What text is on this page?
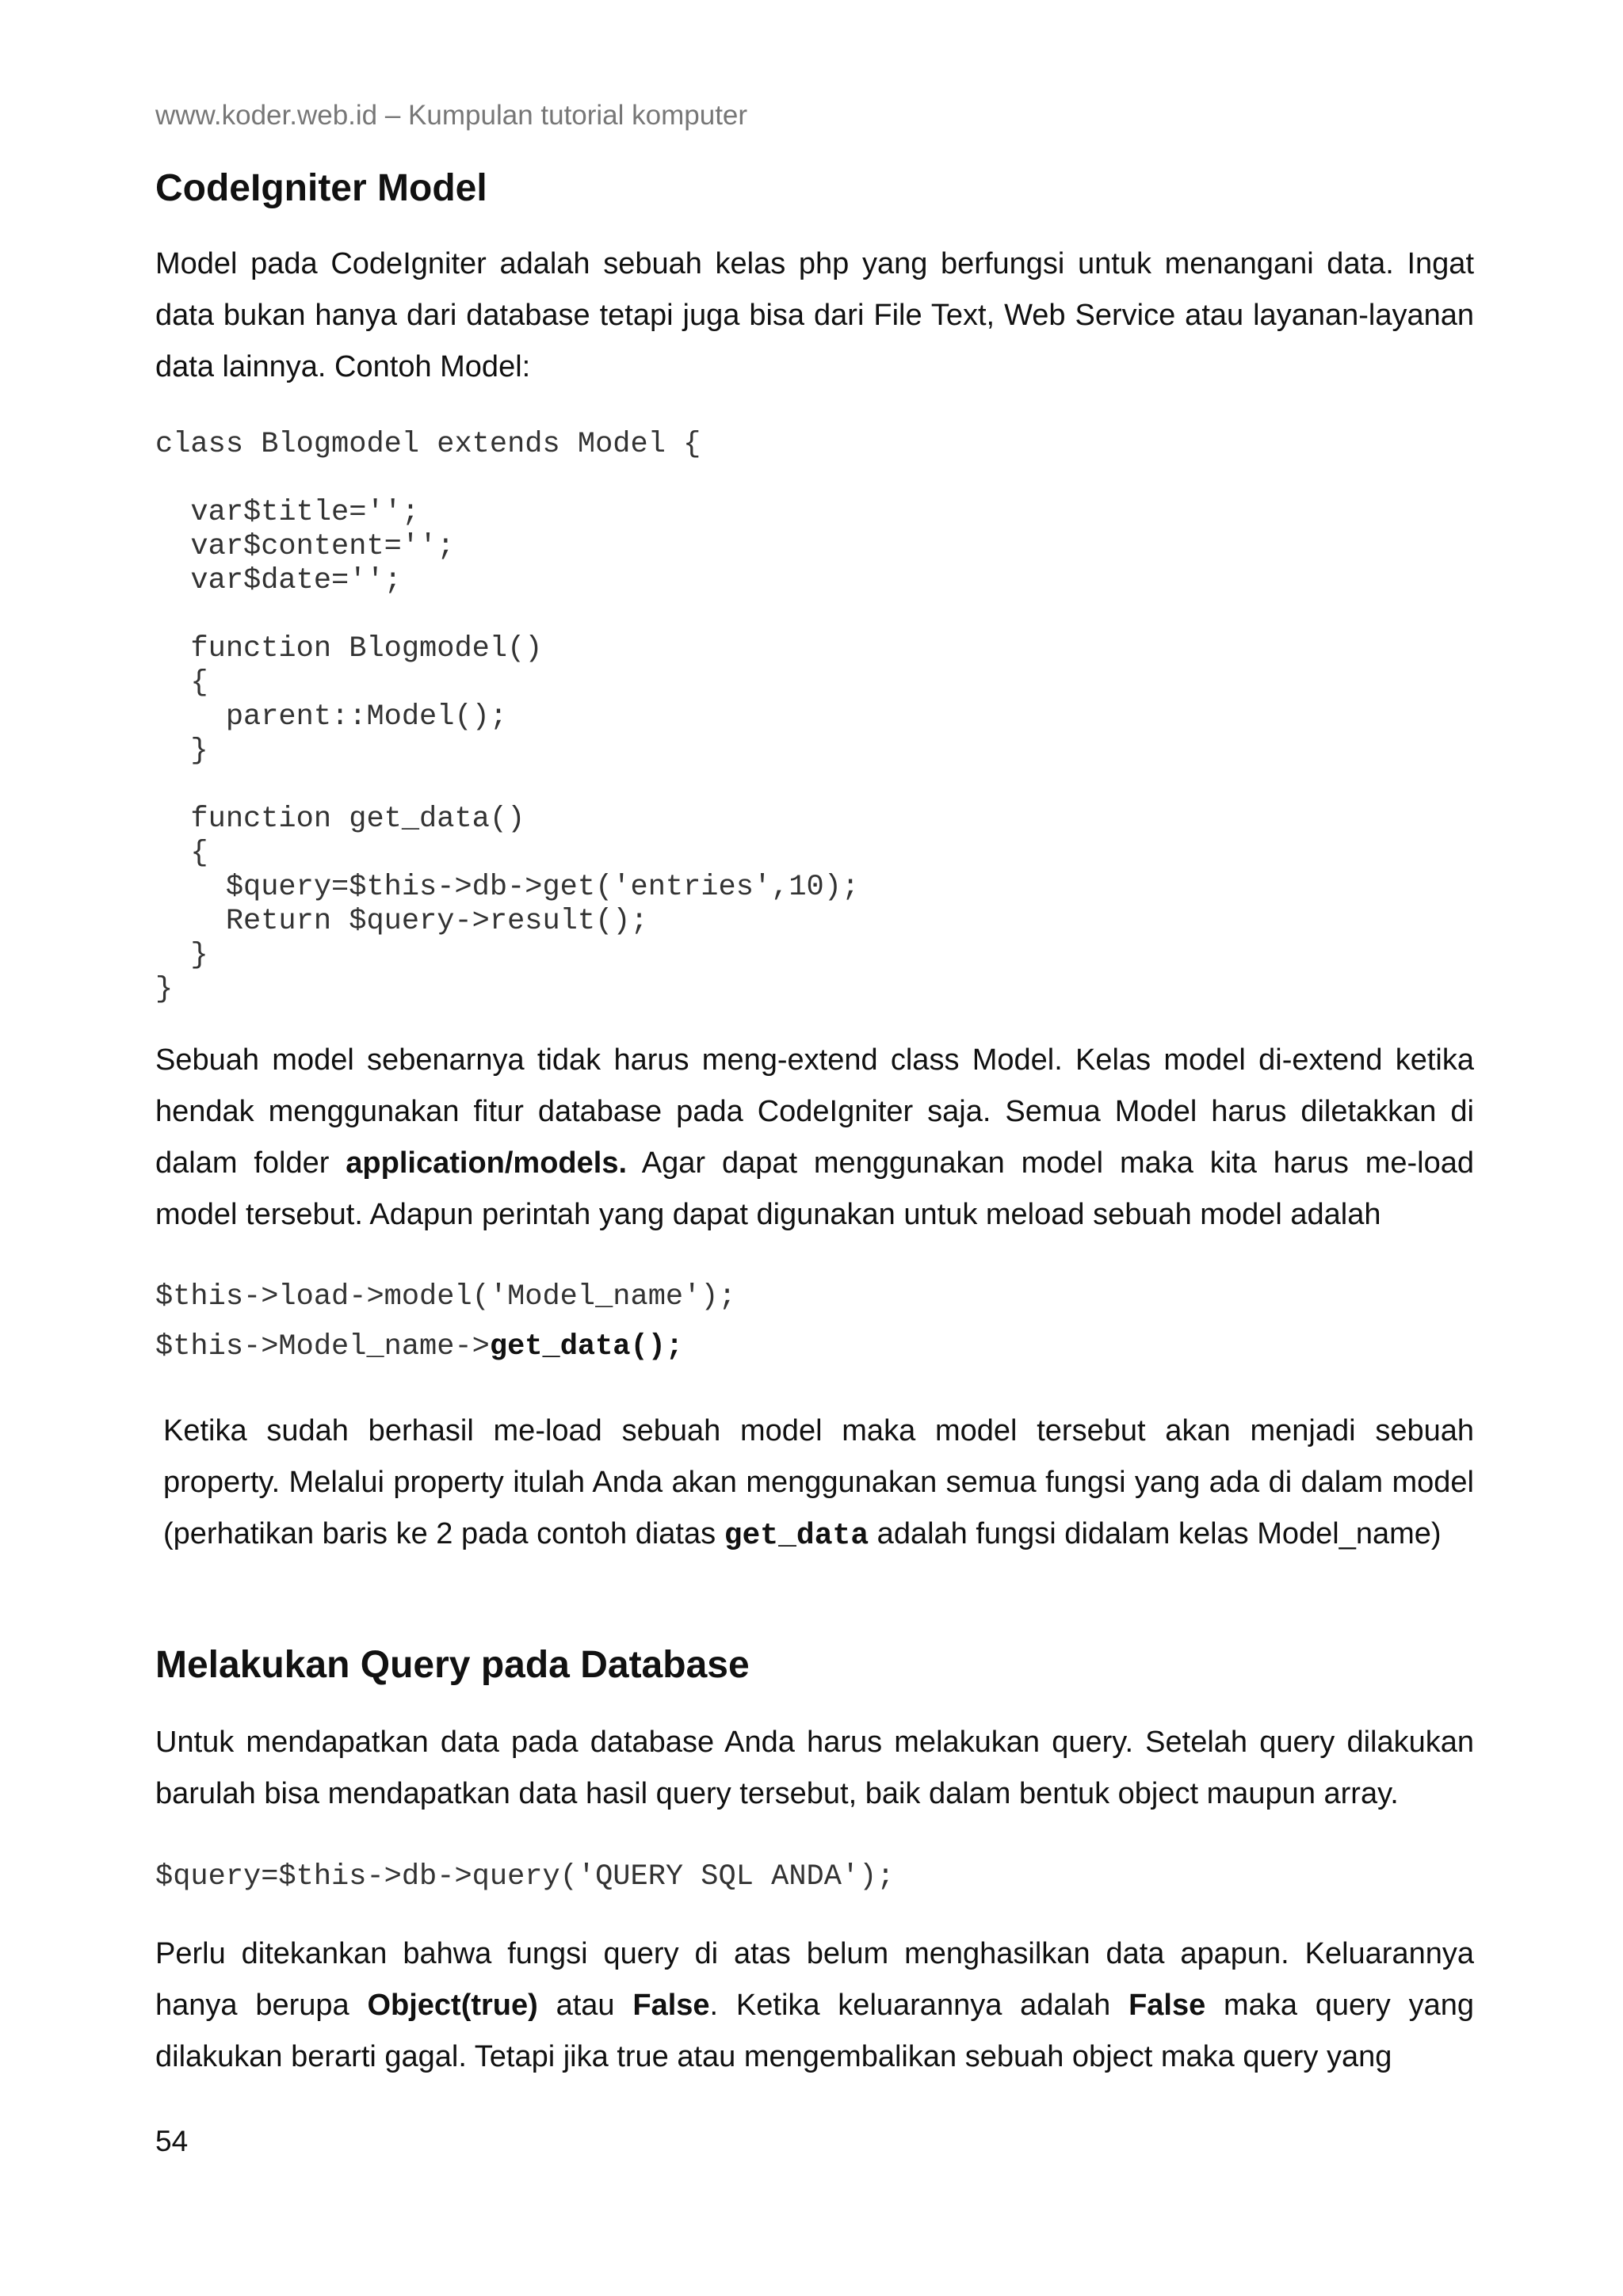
www.koder.web.id – Kumpulan tutorial komputer
CodeIgniter Model

Model pada CodeIgniter adalah sebuah kelas php yang berfungsi untuk menangani data. Ingat data bukan hanya dari database tetapi juga bisa dari File Text, Web Service atau layanan-layanan data lainnya. Contoh Model:

class Blogmodel extends Model {

var$title='';
var$content='';
var$date='';

function Blogmodel()
{
parent::Model();
}

function get_data()
{
$query=$this->db->get('entries',10);
Return $query->result();
}
}

Sebuah model sebenarnya tidak harus meng-extend class Model. Kelas model di-extend ketika hendak menggunakan fitur database pada CodeIgniter saja. Semua Model harus diletakkan di dalam folder application/models. Agar dapat menggunakan model maka kita harus me-load model tersebut. Adapun perintah yang dapat digunakan untuk meload sebuah model adalah

$this->load->model('Model_name');
$this->Model_name->get_data();

Ketika sudah berhasil me-load sebuah model maka model tersebut akan menjadi sebuah property. Melalui property itulah Anda akan menggunakan semua fungsi yang ada di dalam model (perhatikan baris ke 2 pada contoh diatas get_data adalah fungsi didalam kelas Model_name)

Melakukan Query pada Database

Untuk mendapatkan data pada database Anda harus melakukan query. Setelah query dilakukan barulah bisa mendapatkan data hasil query tersebut, baik dalam bentuk object maupun array.

$query=$this->db->query('QUERY SQL ANDA');

Perlu ditekankan bahwa fungsi query di atas belum menghasilkan data apapun. Keluarannya hanya berupa Object(true) atau False. Ketika keluarannya adalah False maka query yang dilakukan berarti gagal. Tetapi jika true atau mengembalikan sebuah object maka query yang

54
